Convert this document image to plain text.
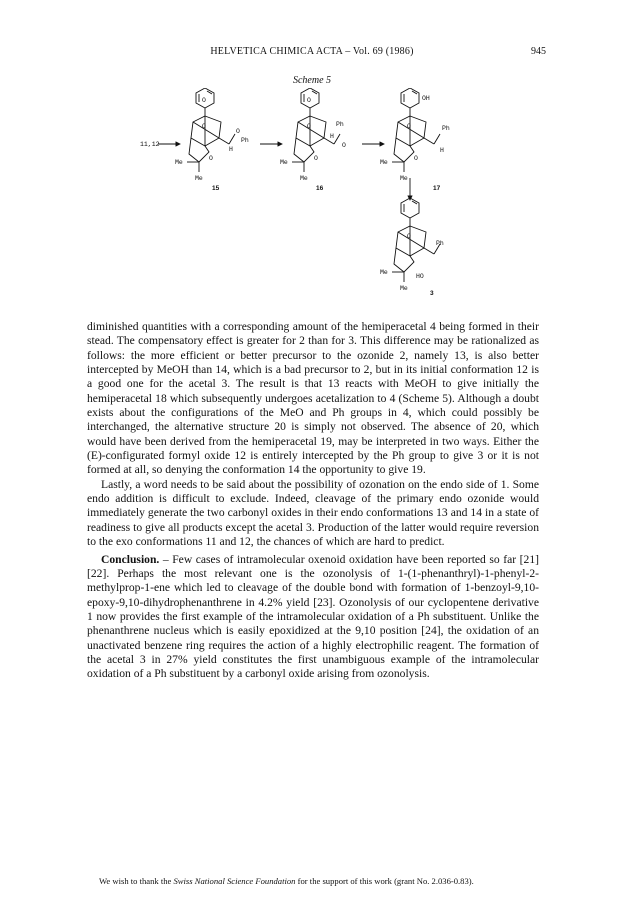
HELVETICA CHIMICA ACTA – Vol. 69 (1986)	945
Scheme 5
11,12
O
O
Ph
H
O
Me
Me
O
15
O
Ph
O
H
O
Me
Me
O
16
OH
O	Ph
H
Me
Me
O
17
O
Ph
HO
Me
Me
3

diminished quantities with a corresponding amount of the hemiperacetal 4 being formed in their stead. The compensatory effect is greater for 2 than for 3. This difference may be rationalized as follows: the more efficient or better precursor to the ozonide 2, namely 13, is also better intercepted by MeOH than 14, which is a bad precursor to 2, but in its initial conformation 12 is a good one for the acetal 3. The result is that 13 reacts with MeOH to give initially the hemiperacetal 18 which subsequently undergoes acetalization to 4 (Scheme 5). Although a doubt exists about the configurations of the MeO and Ph groups in 4, which could possibly be interchanged, the alternative structure 20 is simply not observed. The absence of 20, which would have been derived from the hemiperacetal 19, may be interpreted in two ways. Either the (E)-configurated formyl oxide 12 is entirely intercepted by the Ph group to give 3 or it is not formed at all, so denying the conformation 14 the opportunity to give 19.

Lastly, a word needs to be said about the possibility of ozonation on the endo side of 1. Some endo addition is difficult to exclude. Indeed, cleavage of the primary endo ozonide would immediately generate the two carbonyl oxides in their endo conformations 13 and 14 in a state of readiness to give all products except the acetal 3. Production of the latter would require reversion to the exo conformations 11 and 12, the chances of which are hard to predict.

Conclusion. – Few cases of intramolecular oxenoid oxidation have been reported so far [21] [22]. Perhaps the most relevant one is the ozonolysis of 1-(1-phenanthryl)-1-phenyl-2-methylprop-1-ene which led to cleavage of the double bond with formation of 1-benzoyl-9,10-epoxy-9,10-dihydrophenanthrene in 4.2% yield [23]. Ozonolysis of our cyclopentene derivative 1 now provides the first example of the intramolecular oxidation of a Ph substituent. Unlike the phenanthrene nucleus which is easily epoxidized at the 9,10 position [24], the oxidation of an unactivated benzene ring requires the action of a highly electrophilic reagent. The formation of the acetal 3 in 27% yield constitutes the first unambiguous example of the intramolecular oxidation of a Ph substituent by a carbonyl oxide arising from ozonolysis.

We wish to thank the Swiss National Science Foundation for the support of this work (grant No. 2.036-0.83).
